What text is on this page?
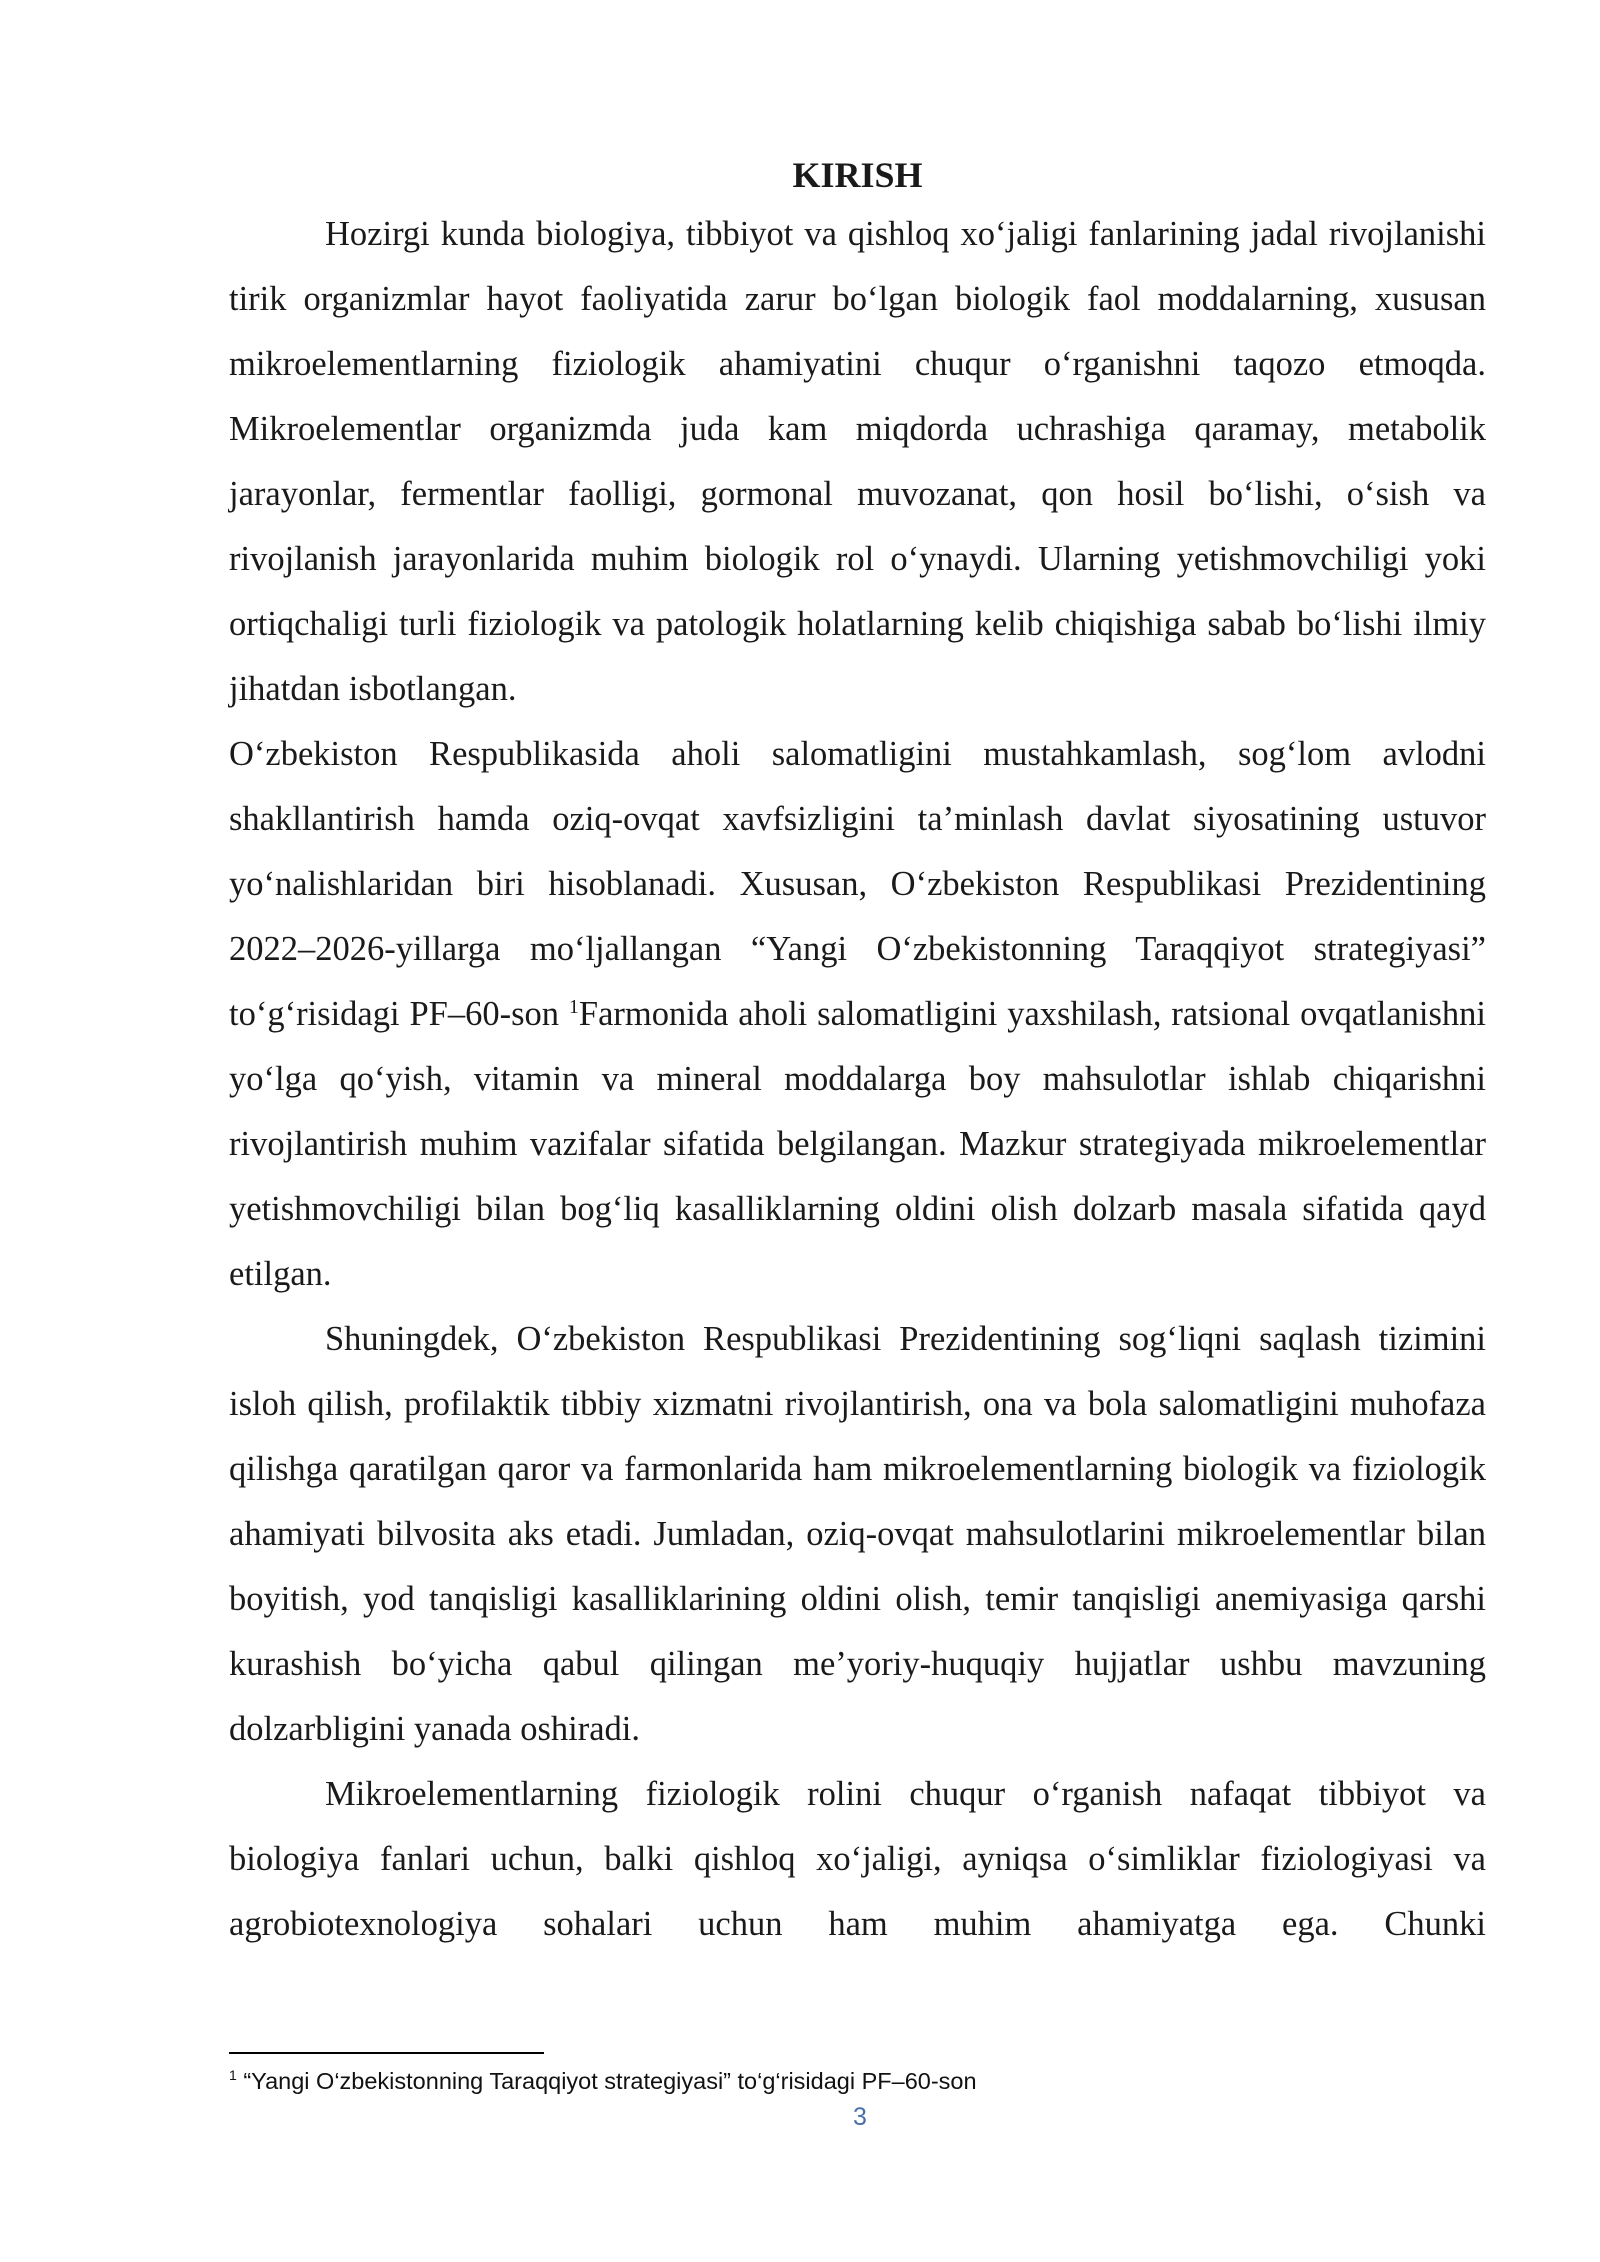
KIRISH

Hozirgi kunda biologiya, tibbiyot va qishloq xo‘jaligi fanlarining jadal rivojlanishi tirik organizmlar hayot faoliyatida zarur bo‘lgan biologik faol moddalarning, xususan mikroelementlarning fiziologik ahamiyatini chuqur o‘rganishni taqozo etmoqda. Mikroelementlar organizmda juda kam miqdorda uchrashiga qaramay, metabolik jarayonlar, fermentlar faolligi, gormonal muvozanat, qon hosil bo‘lishi, o‘sish va rivojlanish jarayonlarida muhim biologik rol o‘ynaydi. Ularning yetishmovchiligi yoki ortiqchaligi turli fiziologik va patologik holatlarning kelib chiqishiga sabab bo‘lishi ilmiy jihatdan isbotlangan.

O‘zbekiston Respublikasida aholi salomatligini mustahkamlash, sog‘lom avlodni shakllantirish hamda oziq-ovqat xavfsizligini ta’minlash davlat siyosatining ustuvor yo‘nalishlaridan biri hisoblanadi. Xususan, O‘zbekiston Respublikasi Prezidentining 2022–2026-yillarga mo‘ljallangan “Yangi O‘zbekistonning Taraqqiyot strategiyasi” to‘g‘risidagi PF–60-son $^1$Farmonida aholi salomatligini yaxshilash, ratsional ovqatlanishni yo‘lga qo‘yish, vitamin va mineral moddalarga boy mahsulotlar ishlab chiqarishni rivojlantirish muhim vazifalar sifatida belgilangan. Mazkur strategiyada mikroelementlar yetishmovchiligi bilan bog‘liq kasalliklarning oldini olish dolzarb masala sifatida qayd etilgan.

Shuningdek, O‘zbekiston Respublikasi Prezidentining sog‘liqni saqlash tizimini isloh qilish, profilaktik tibbiy xizmatni rivojlantirish, ona va bola salomatligini muhofaza qilishga qaratilgan qaror va farmonlarida ham mikroelementlarning biologik va fiziologik ahamiyati bilvosita aks etadi. Jumladan, oziq-ovqat mahsulotlarini mikroelementlar bilan boyitish, yod tanqisligi kasalliklarining oldini olish, temir tanqisligi anemiyasiga qarshi kurashish bo‘yicha qabul qilingan me’yoriy-huquqiy hujjatlar ushbu mavzuning dolzarbligini yanada oshiradi.

Mikroelementlarning fiziologik rolini chuqur o‘rganish nafaqat tibbiyot va biologiya fanlari uchun, balki qishloq xo‘jaligi, ayniqsa o‘simliklar fiziologiyasi va agrobiotexnologiya sohalari uchun ham muhim ahamiyatga ega. Chunki

$^1$ “Yangi O‘zbekistonning Taraqqiyot strategiyasi” to‘g‘risidagi PF–60-son
3
